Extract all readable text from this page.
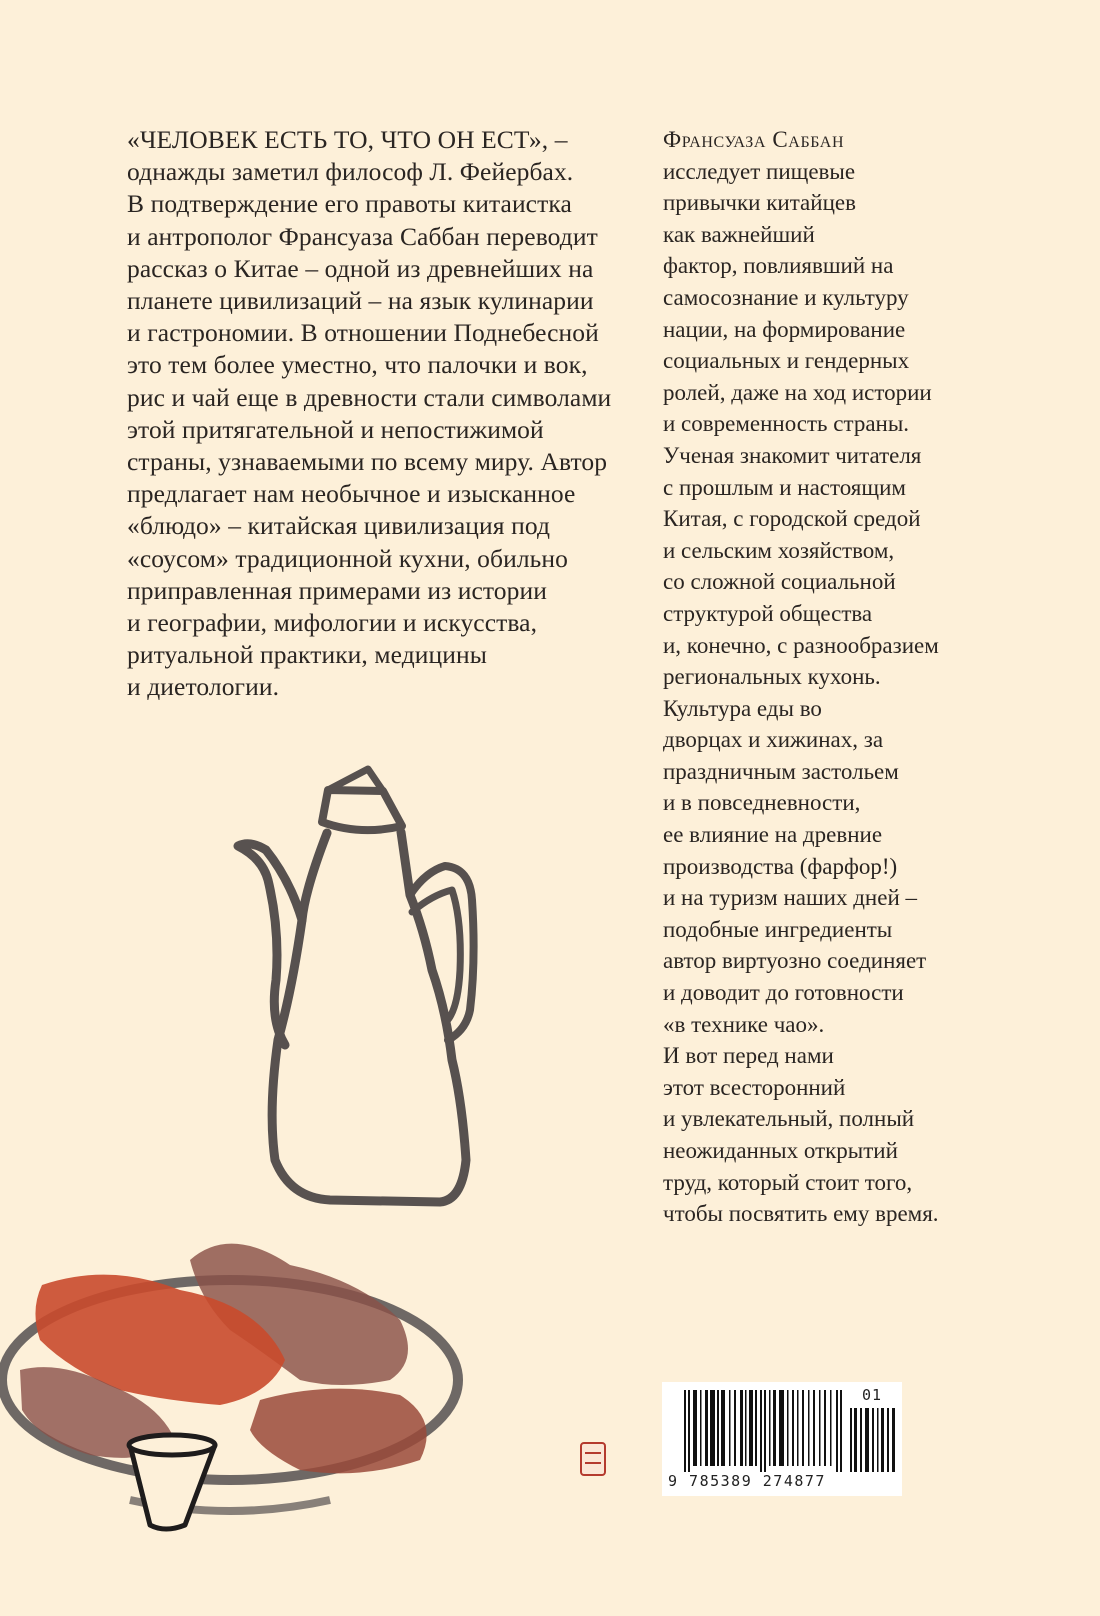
«ЧЕЛОВЕК ЕСТЬ ТО, ЧТО ОН ЕСТ», –
однажды заметил философ Л. Фейербах.
В подтверждение его правоты китаистка
и антрополог Франсуаза Саббан переводит
рассказ о Китае – одной из древнейших на
планете цивилизаций – на язык кулинарии
и гастрономии. В отношении Поднебесной
это тем более уместно, что палочки и вок,
рис и чай еще в древности стали символами
этой притягательной и непостижимой
страны, узнаваемыми по всему миру. Автор
предлагает нам необычное и изысканное
«блюдо» – китайская цивилизация под
«соусом» традиционной кухни, обильно
приправленная примерами из истории
и географии, мифологии и искусства,
ритуальной практики, медицины
и диетологии.
Франсуаза Саббан
исследует пищевые
привычки китайцев
как важнейший
фактор, повлиявший на
самосознание и культуру
нации, на формирование
социальных и гендерных
ролей, даже на ход истории
и современность страны.
Ученая знакомит читателя
с прошлым и настоящим
Китая, с городской средой
и сельским хозяйством,
со сложной социальной
структурой общества
и, конечно, с разнообразием
региональных кухонь.
Культура еды во
дворцах и хижинах, за
праздничным застольем
и в повседневности,
ее влияние на древние
производства (фарфор!)
и на туризм наших дней –
подобные ингредиенты
автор виртуозно соединяет
и доводит до готовности
«в технике чао».
И вот перед нами
этот всесторонний
и увлекательный, полный
неожиданных открытий
труд, который стоит того,
чтобы посвятить ему время.
01
9 785389 274877
